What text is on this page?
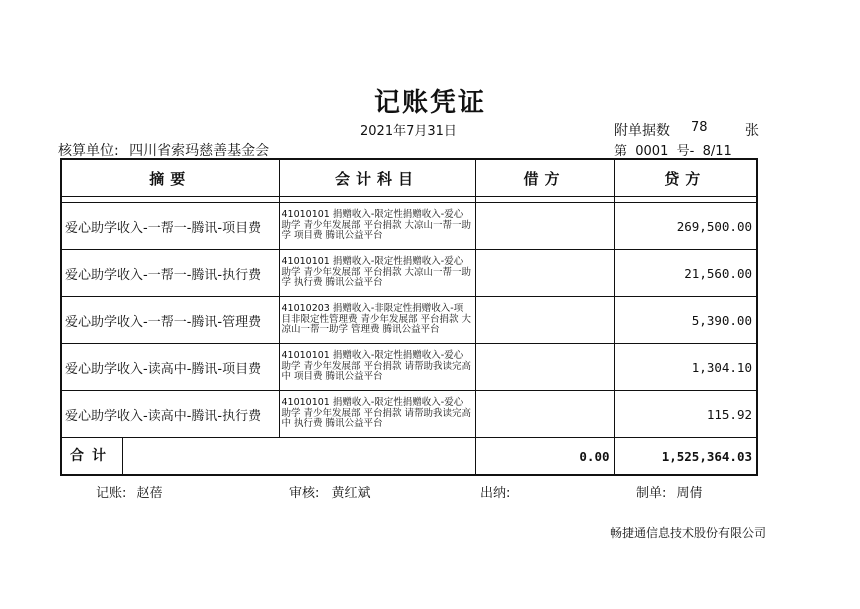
记账凭证
2021年7月31日	附单据数 78	张
核算单位: 四川省索玛慈善基金会	第  0001  号-  8/11
摘要	会计科目	借方	贷方

爱心助学收入-一帮一-腾讯-项目费	41010101 捐赠收入-限定性捐赠收入-爱心助学 青少年发展部 平台捐款 大凉山一帮一助学 项目费 腾讯公益平台		269,500.00
爱心助学收入-一帮一-腾讯-执行费	41010101 捐赠收入-限定性捐赠收入-爱心助学 青少年发展部 平台捐款 大凉山一帮一助学 执行费 腾讯公益平台		21,560.00
爱心助学收入-一帮一-腾讯-管理费	41010203 捐赠收入-非限定性捐赠收入-项目非限定性管理费 青少年发展部 平台捐款 大凉山一帮一助学 管理费 腾讯公益平台		5,390.00
爱心助学收入-读高中-腾讯-项目费	41010101 捐赠收入-限定性捐赠收入-爱心助学 青少年发展部 平台捐款 请帮助我读完高中 项目费 腾讯公益平台		1,304.10
爱心助学收入-读高中-腾讯-执行费	41010101 捐赠收入-限定性捐赠收入-爱心助学 青少年发展部 平台捐款 请帮助我读完高中 执行费 腾讯公益平台		115.92

合计		0.00	1,525,364.03
记账: 赵蓓	审核: 黄红斌	出纳:	制单: 周倩
畅捷通信息技术股份有限公司
